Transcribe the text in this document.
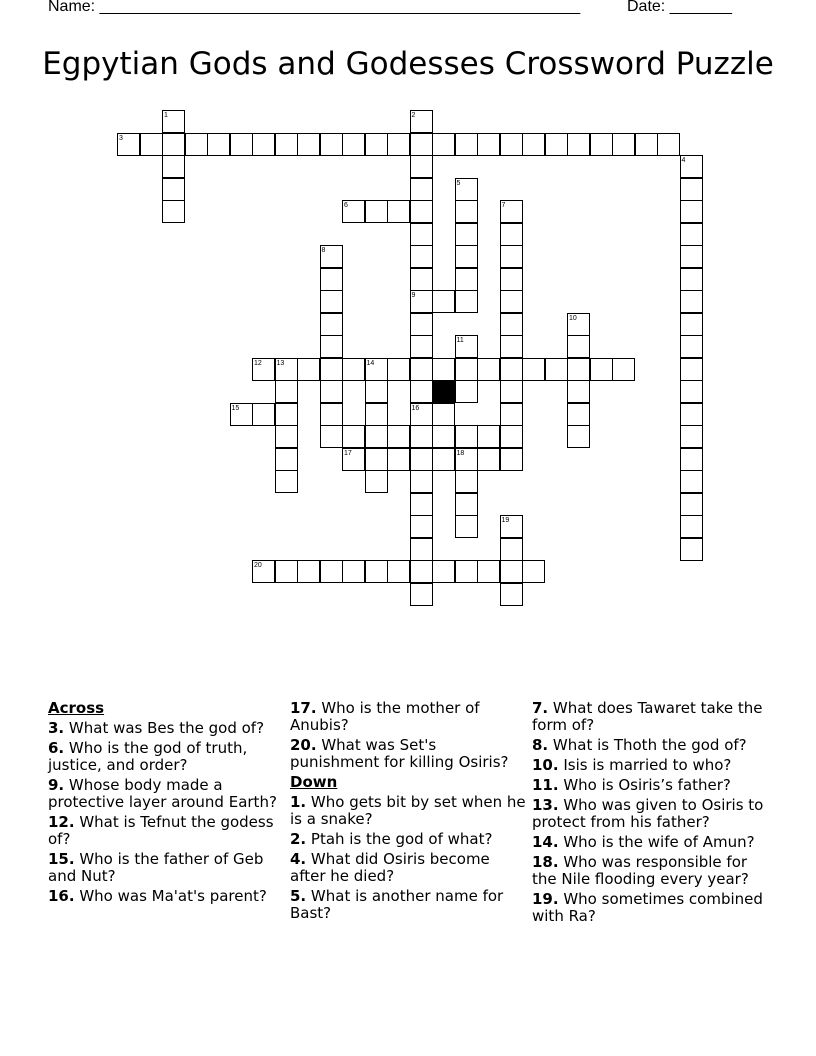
Name: ______________________________________________________	Date: _______
Egpytian Gods and Godesses Crossword Puzzle
1	2
3
4
5
6	7
8
9
10
11
12 13	14
15	16
17	18
19
20
Across
3. What was Bes the god of?
6. Who is the god of truth, justice, and order?
9. Whose body made a protective layer around Earth?
12. What is Tefnut the godess of?
15. Who is the father of Geb and Nut?
16. Who was Ma'at's parent?
17. Who is the mother of Anubis?
20. What was Set's punishment for killing Osiris?
Down
1. Who gets bit by set when he is a snake?
2. Ptah is the god of what?
4. What did Osiris become after he died?
5. What is another name for Bast?
7. What does Tawaret take the form of?
8. What is Thoth the god of?
10. Isis is married to who?
11. Who is Osiris’s father?
13. Who was given to Osiris to protect from his father?
14. Who is the wife of Amun?
18. Who was responsible for the Nile flooding every year?
19. Who sometimes combined with Ra?
